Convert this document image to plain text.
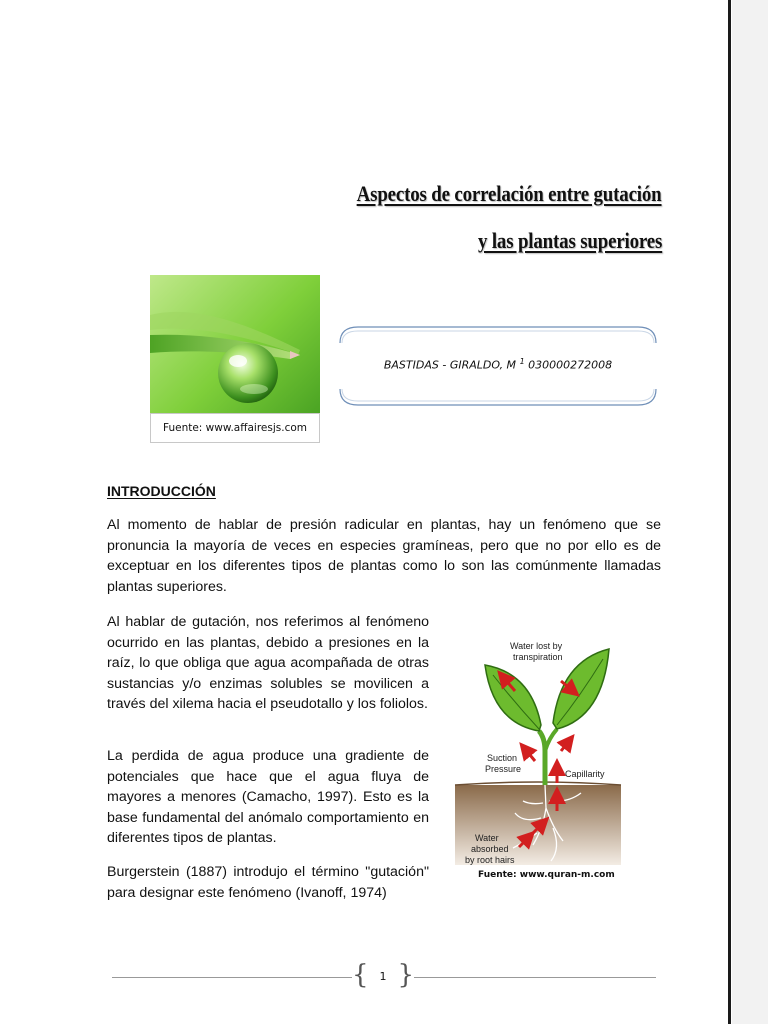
Aspectos de correlación entre gutación
y las plantas superiores
Fuente: www.affairesjs.com
BASTIDAS - GIRALDO, M $^1$ 030000272008
INTRODUCCIÓN

Al momento de hablar de presión radicular en plantas, hay un fenómeno que se pronuncia la mayoría de veces en especies gramíneas, pero que no por ello es de exceptuar en los diferentes tipos de plantas como lo son las comúnmente llamadas plantas superiores.

Al hablar de gutación, nos referimos al fenómeno ocurrido en las plantas, debido a presiones en la raíz, lo que obliga que agua acompañada de otras sustancias y/o enzimas solubles se movilicen a través del xilema hacia el pseudotallo y los foliolos.

La perdida de agua produce una gradiente de potenciales que hace que el agua fluya de mayores a menores (Camacho, 1997). Esto es la base fundamental del anómalo comportamiento en diferentes tipos de plantas.

Burgerstein (1887) introdujo el término "gutación" para designar este fenómeno (Ivanoff, 1974)

Water lost by
transpiration
Suction
Pressure	Capillarity
Water
absorbed
by root hairs
Fuente: www.quran-m.com
{ 1 }
